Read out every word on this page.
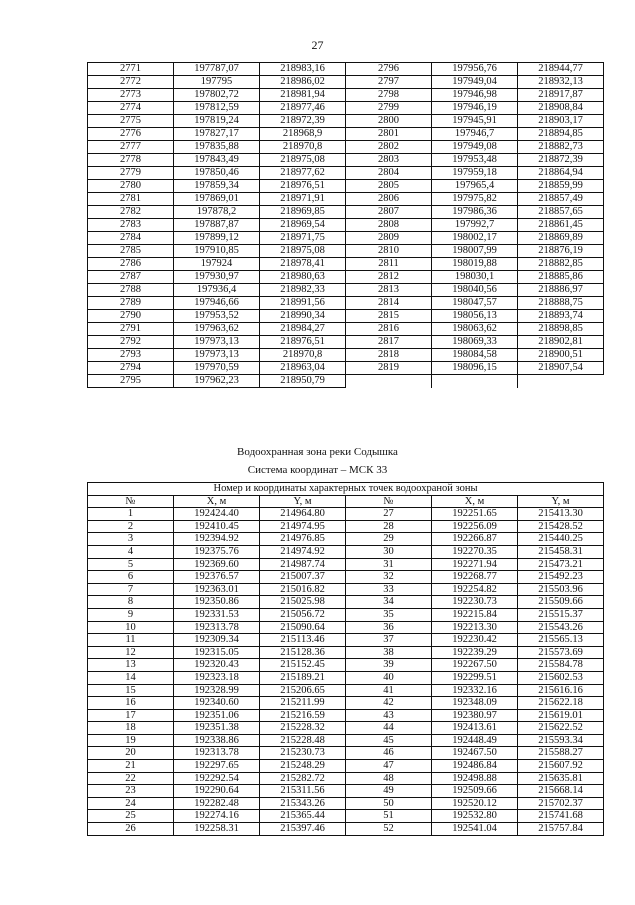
27
2771	197787,07	218983,16	2796	197956,76	218944,77
2772	197795	218986,02	2797	197949,04	218932,13
2773	197802,72	218981,94	2798	197946,98	218917,87
2774	197812,59	218977,46	2799	197946,19	218908,84
2775	197819,24	218972,39	2800	197945,91	218903,17
2776	197827,17	218968,9	2801	197946,7	218894,85
2777	197835,88	218970,8	2802	197949,08	218882,73
2778	197843,49	218975,08	2803	197953,48	218872,39
2779	197850,46	218977,62	2804	197959,18	218864,94
2780	197859,34	218976,51	2805	197965,4	218859,99
2781	197869,01	218971,91	2806	197975,82	218857,49
2782	197878,2	218969,85	2807	197986,36	218857,65
2783	197887,87	218969,54	2808	197992,7	218861,45
2784	197899,12	218971,75	2809	198002,17	218869,89
2785	197910,85	218975,08	2810	198007,99	218876,19
2786	197924	218978,41	2811	198019,88	218882,85
2787	197930,97	218980,63	2812	198030,1	218885,86
2788	197936,4	218982,33	2813	198040,56	218886,97
2789	197946,66	218991,56	2814	198047,57	218888,75
2790	197953,52	218990,34	2815	198056,13	218893,74
2791	197963,62	218984,27	2816	198063,62	218898,85
2792	197973,13	218976,51	2817	198069,33	218902,81
2793	197973,13	218970,8	2818	198084,58	218900,51
2794	197970,59	218963,04	2819	198096,15	218907,54
2795	197962,23	218950,79			
Водоохранная зона реки Содышка
Система координат – МСК 33
Номер и координаты характерных точек водоохраной зоны					
№	X, м	Y, м	№	X, м	Y, м
1	192424.40	214964.80	27	192251.65	215413.30
2	192410.45	214974.95	28	192256.09	215428.52
3	192394.92	214976.85	29	192266.87	215440.25
4	192375.76	214974.92	30	192270.35	215458.31
5	192369.60	214987.74	31	192271.94	215473.21
6	192376.57	215007.37	32	192268.77	215492.23
7	192363.01	215016.82	33	192254.82	215503.96
8	192350.86	215025.98	34	192230.73	215509.66
9	192331.53	215056.72	35	192215.84	215515.37
10	192313.78	215090.64	36	192213.30	215543.26
11	192309.34	215113.46	37	192230.42	215565.13
12	192315.05	215128.36	38	192239.29	215573.69
13	192320.43	215152.45	39	192267.50	215584.78
14	192323.18	215189.21	40	192299.51	215602.53
15	192328.99	215206.65	41	192332.16	215616.16
16	192340.60	215211.99	42	192348.09	215622.18
17	192351.06	215216.59	43	192380.97	215619.01
18	192351.38	215228.32	44	192413.61	215622.52
19	192338.86	215228.48	45	192448.49	215593.34
20	192313.78	215230.73	46	192467.50	215588.27
21	192297.65	215248.29	47	192486.84	215607.92
22	192292.54	215282.72	48	192498.88	215635.81
23	192290.64	215311.56	49	192509.66	215668.14
24	192282.48	215343.26	50	192520.12	215702.37
25	192274.16	215365.44	51	192532.80	215741.68
26	192258.31	215397.46	52	192541.04	215757.84
